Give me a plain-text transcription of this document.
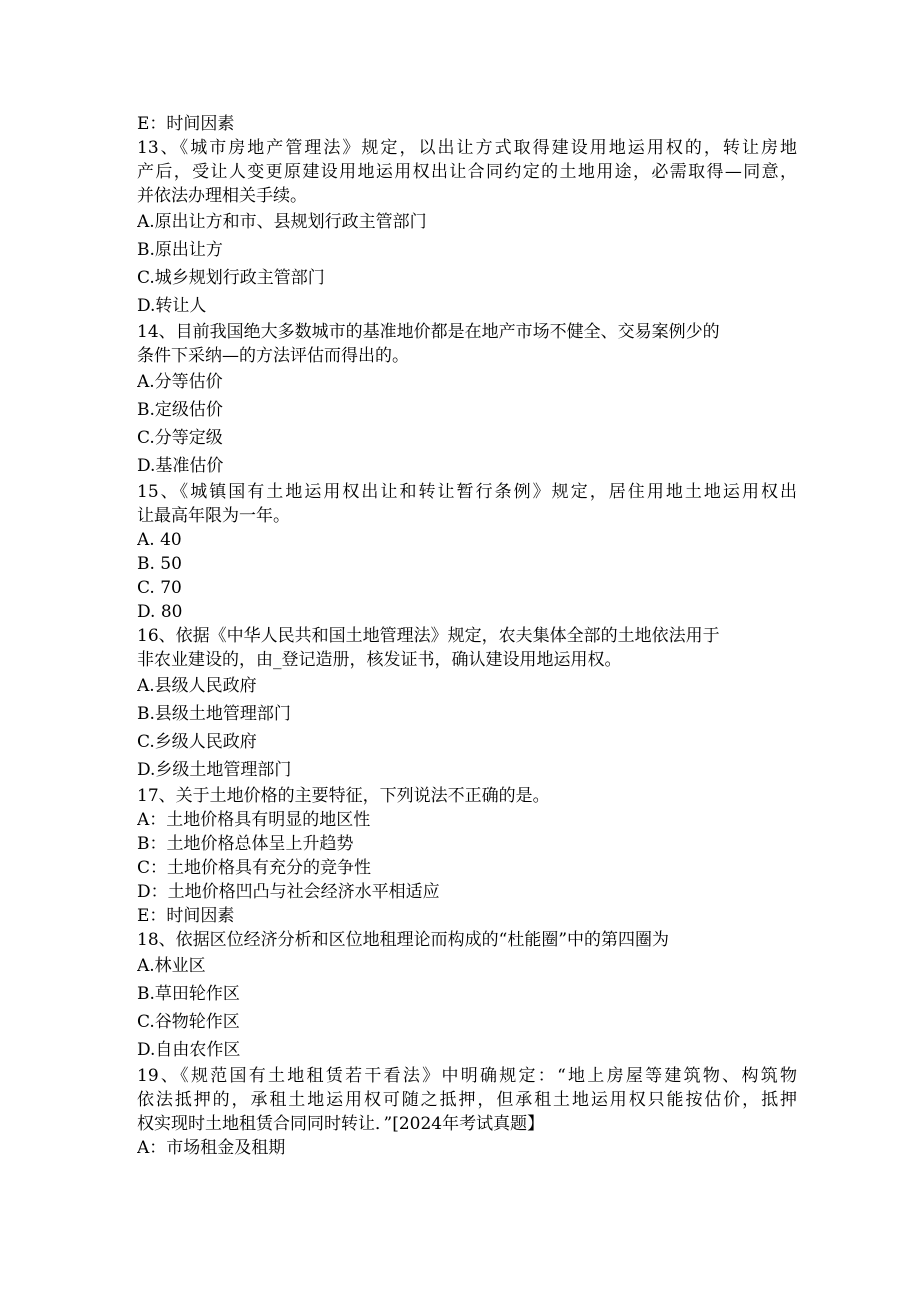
E：时间因素
13、《城市房地产管理法》规定，以出让方式取得建设用地运用权的，转让房地
产后，受让人变更原建设用地运用权出让合同约定的土地用途，必需取得—同意，
并依法办理相关手续。
A.原出让方和市、县规划行政主管部门
B.原出让方
C.城乡规划行政主管部门
D.转让人
14、目前我国绝大多数城市的基准地价都是在地产市场不健全、交易案例少的
条件下采纳—的方法评估而得出的。
A.分等估价
B.定级估价
C.分等定级
D.基准估价
15、《城镇国有土地运用权出让和转让暂行条例》规定，居住用地土地运用权出
让最高年限为一年。
A. 40
B. 50
C. 70
D. 80
16、依据《中华人民共和国土地管理法》规定，农夫集体全部的土地依法用于
非农业建设的，由_登记造册，核发证书，确认建设用地运用权。
A.县级人民政府
B.县级土地管理部门
C.乡级人民政府
D.乡级土地管理部门
17、关于土地价格的主要特征，下列说法不正确的是。
A：土地价格具有明显的地区性
B：土地价格总体呈上升趋势
C：土地价格具有充分的竞争性
D：土地价格凹凸与社会经济水平相适应
E：时间因素
18、依据区位经济分析和区位地租理论而构成的“杜能圈”中的第四圈为
A.林业区
B.草田轮作区
C.谷物轮作区
D.自由农作区
19、《规范国有土地租赁若干看法》中明确规定：“地上房屋等建筑物、构筑物
依法抵押的，承租土地运用权可随之抵押，但承租土地运用权只能按估价，抵押
权实现时土地租赁合同同时转让．”[2024年考试真题】
A：市场租金及租期
